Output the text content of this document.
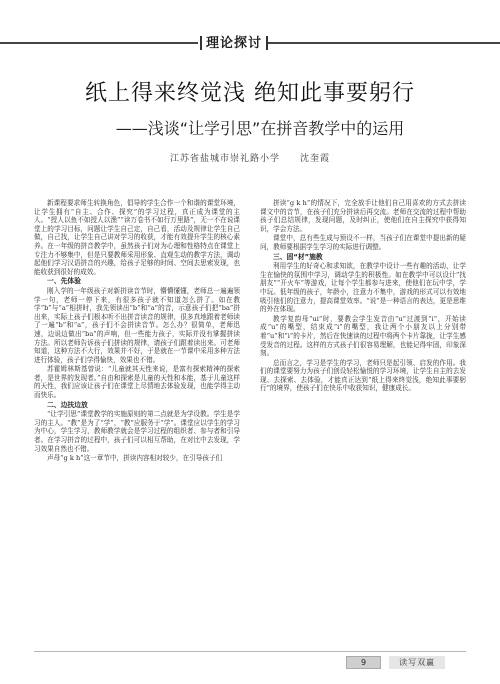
理论探讨
纸上得来终觉浅 绝知此事要躬行
——浅谈“让学引思”在拼音教学中的运用
江苏省盐城市崇礼路小学　　沈奎霞

新课程要求师生转换角色，倡导的学生合作一个和谐的课堂环境，让学生拥有“自主、合作、探究”的学习过程，真正成为课堂的主人。“授人以鱼不如授人以渔”“读万卷书不如行万里路”，无一不在说课堂上的学习目标，问题让学生自己定，自己看，活动及规律让学生自己做，自己找，让学生自己讲对学习的收获，才能有效提升学生的核心素养。在一年级的拼音教学中，虽然孩子们对为心理和性格特点在课堂上专注力不够集中，但是只要教师采用形象、直观生动的教学方法，调动起他们学习汉语拼音的兴趣，给孩子足够的时间、空间去思索发现，也能收获到很好的成效。

一、先体验

刚入学的一年级孩子对新拼读音节时，懵懵懂懂，老师总一遍遍领学一句，老师一停下来，有很多孩子就不知道怎么拼了。如在教学“b”与“a”相拼时，我先领读出“b”和“a”的音，示意孩子们把“ba”拼出来，实际上孩子们根本听不出拼音读音的规律，很多真地跟着老师读了一遍“b”和“a”，孩子们不会拼读音节。怎么办？很简单，老师迅速，边说边做出“ba”的声响，但一些能力孩子，实际并没有掌握拼读方法。所以老师告诉孩子们拼读的规律，请孩子们跟着读出来。可老师知道，这种方法不大行，效果并不好，于是就在一节课中采用多种方法进行体验，孩子们学得愉快，效果也不错。

苏霍姆林斯基曾说：“儿童就其天性来说，是富有探索精神的探索者，是世界的发现者。”自由和探索是儿童的天性和本能，基于儿童这样的天性，我们应该让孩子们在课堂上尽情地去体验发现，也能学得主动而快乐。

二、边扶边放

“让学引思”课堂教学的实施原则的第二点就是为学设教。学生是学习的主人。“教”是为了“学”，“教”应服务于“学”。课堂应以学生的学习为中心，学生学习，教师教学就会是学习过程的组织者、参与者和引导者。在学习拼音的过程中，孩子们可以相互帮助，在对比中去发现，学习效果自然也不错。

声母“g k h”这一章节中，拼读内容相对较少，在引导孩子们

拼读“g k h”的情况下，完全放手让他们自己用喜欢的方式去拼读课文中的音节，在孩子们充分拼读后再交流。老师在交流的过程中帮助孩子们总结规律，发现问题，及时纠正，使他们在自主探究中获得知识，学会方法。

课堂中，总有些生成与预设不一样，当孩子们在课堂中提出新的疑问，教师要根据学生学习的实际进行调整。

三、固“材”施教

利用学生的好奇心和求知欲，在教学中设计一些有趣的活动，让学生在愉快的氛围中学习，调动学生的积极性。如在教学中可以设计“找朋友”“开火车”等游戏，让每个学生都参与进来，使他们在玩中学，学中玩。低年级的孩子，年龄小，注意力不集中，游戏的形式可以有效地吸引他们的注意力，提高课堂效率。“说”是一种语言的表达，更是思维的外在体现。

教学复韵母“ui”时，要教会学生发音由“u”过渡到“i”，开始读成“u”的嘴型，结束成“i”的嘴型，我让两个小朋友以上分别带着“u”和“i”的卡片，然后在快速读的过程中将两个卡片靠拢，让学生感受发音的过程。这样的方式孩子们很容易理解，也能记得牢固，印象深刻。

总而言之，学习是学生的学习，老师只是起引领、启发的作用。我们的课堂要努力为孩子们创设轻松愉悦的学习环境，让学生自主的去发现、去探索、去体验，才能真正达到“纸上得来终觉浅，绝知此事要躬行”的境界，使孩子们在快乐中收获知识，健康成长。

9	读写双赢
